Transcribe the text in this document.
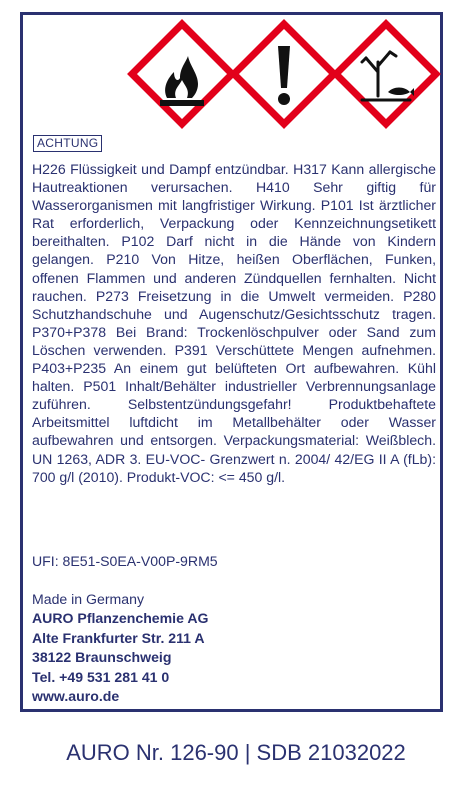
ACHTUNG

H226 Flüssigkeit und Dampf entzündbar. H317 Kann allergische Hautreaktionen verursachen. H410 Sehr giftig für Wasserorganismen mit langfristiger Wirkung. P101 Ist ärztlicher Rat erforderlich, Verpackung oder Kennzeichnungsetikett bereithalten. P102 Darf nicht in die Hände von Kindern gelangen. P210 Von Hitze, heißen Oberflächen, Funken, offenen Flammen und anderen Zündquellen fernhalten. Nicht rauchen. P273 Freisetzung in die Umwelt vermeiden. P280 Schutzhandschuhe und Augenschutz/Gesichtsschutz tragen. P370+P378 Bei Brand: Trockenlöschpulver oder Sand zum Löschen verwenden. P391 Verschüttete Mengen aufnehmen. P403+P235 An einem gut belüfteten Ort aufbewahren. Kühl halten. P501 Inhalt/Behälter industrieller Verbrennungsanlage zuführen. Selbstentzündungsgefahr! Produktbehaftete Arbeitsmittel luftdicht im Metallbehälter oder Wasser aufbewahren und entsorgen. Verpackungsmaterial: Weißblech. UN 1263, ADR 3. EU-VOC- Grenzwert n. 2004/ 42/EG II A (fLb): 700 g/l (2010). Produkt-VOC: <= 450 g/l.

UFI: 8E51-S0EA-V00P-9RM5
Made in Germany
AURO Pflanzenchemie AG
Alte Frankfurter Str. 211 A
38122 Braunschweig
Tel. +49 531 281 41 0
www.auro.de
AURO Nr. 126-90 | SDB 21032022
